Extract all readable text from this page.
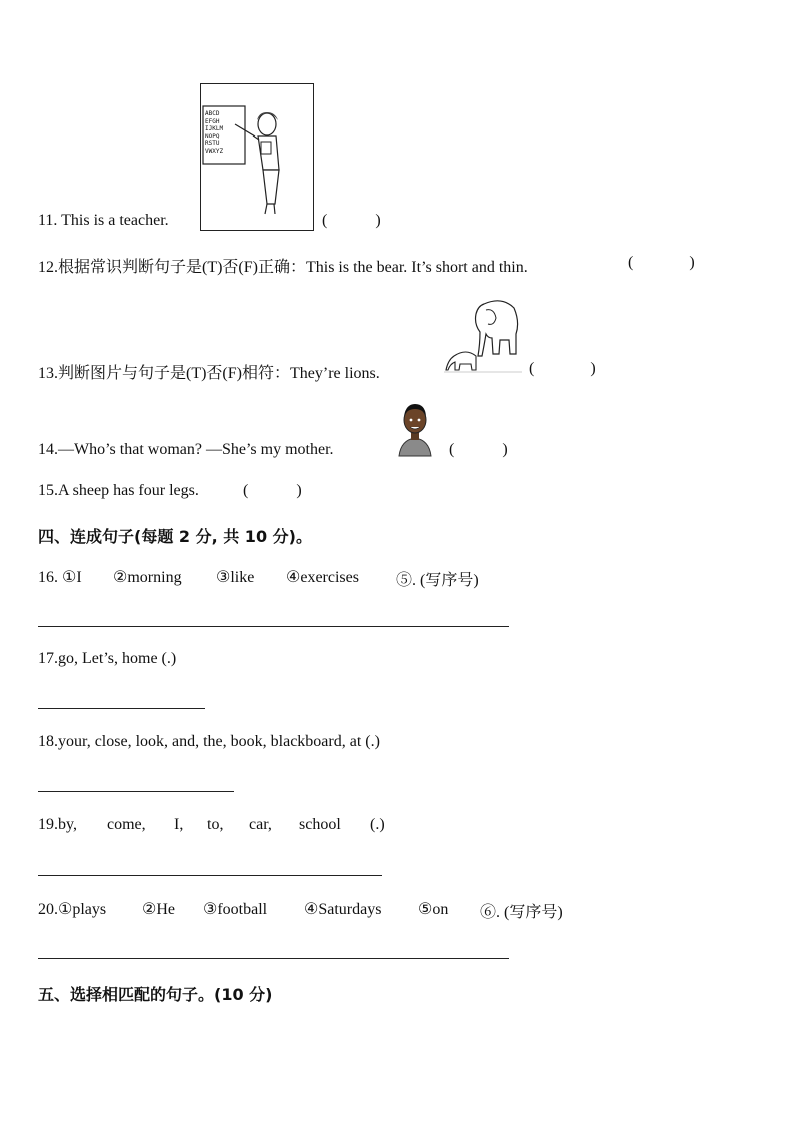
11. This is a teacher.
ABCD
EFGH
IJKLM
NOPQ
RSTU
VWXYZ
(            )
12.根据常识判断句子是(T)否(F)正确：This is the bear. It’s short and thin.	(              )
13.判断图片与句子是(T)否(F)相符：They’re lions.	(              )
14.—Who’s that woman? —She’s my mother.	(            )
15.A sheep has four legs.	(            )
四、连成句子(每题 2 分, 共 10 分)。
16. ①I ②morning ③like ④exercises ⑤. (写序号)
17.go, Let’s, home (.)
18.your, close, look, and, the, book, blackboard, at (.)
19.by, come, I, to, car, school (.)
20.①plays ②He ③football ④Saturdays ⑤on ⑥. (写序号)
五、选择相匹配的句子。(10 分)
